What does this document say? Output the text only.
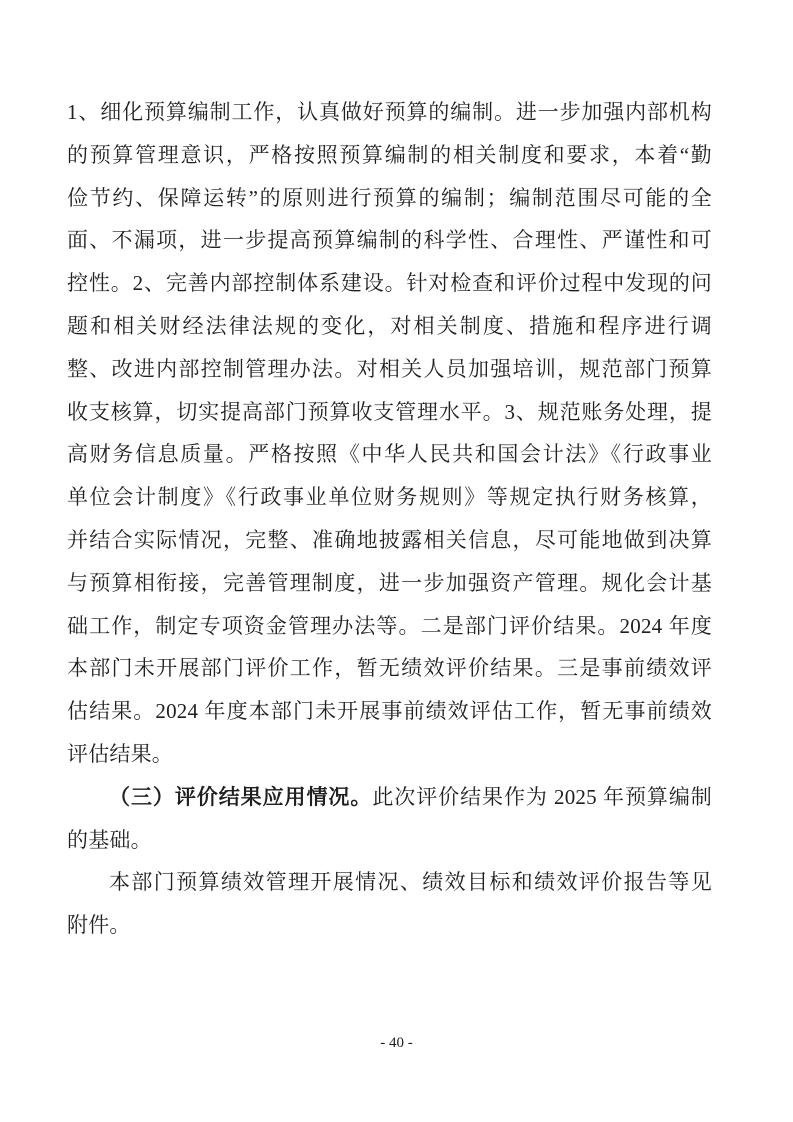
1、细化预算编制工作，认真做好预算的编制。进一步加强内部机构
的预算管理意识，严格按照预算编制的相关制度和要求，本着“勤
俭节约、保障运转”的原则进行预算的编制；编制范围尽可能的全
面、不漏项，进一步提高预算编制的科学性、合理性、严谨性和可
控性。2、完善内部控制体系建设。针对检查和评价过程中发现的问
题和相关财经法律法规的变化，对相关制度、措施和程序进行调
整、改进内部控制管理办法。对相关人员加强培训，规范部门预算
收支核算，切实提高部门预算收支管理水平。3、规范账务处理，提
高财务信息质量。严格按照《中华人民共和国会计法》《行政事业
单位会计制度》《行政事业单位财务规则》等规定执行财务核算，
并结合实际情况，完整、准确地披露相关信息，尽可能地做到决算
与预算相衔接，完善管理制度，进一步加强资产管理。规化会计基
础工作，制定专项资金管理办法等。二是部门评价结果。2024 年度
本部门未开展部门评价工作，暂无绩效评价结果。三是事前绩效评
估结果。2024 年度本部门未开展事前绩效评估工作，暂无事前绩效
评估结果。
（三）评价结果应用情况。此次评价结果作为 2025 年预算编制
的基础。
本部门预算绩效管理开展情况、绩效目标和绩效评价报告等见
附件。
- 40 -
